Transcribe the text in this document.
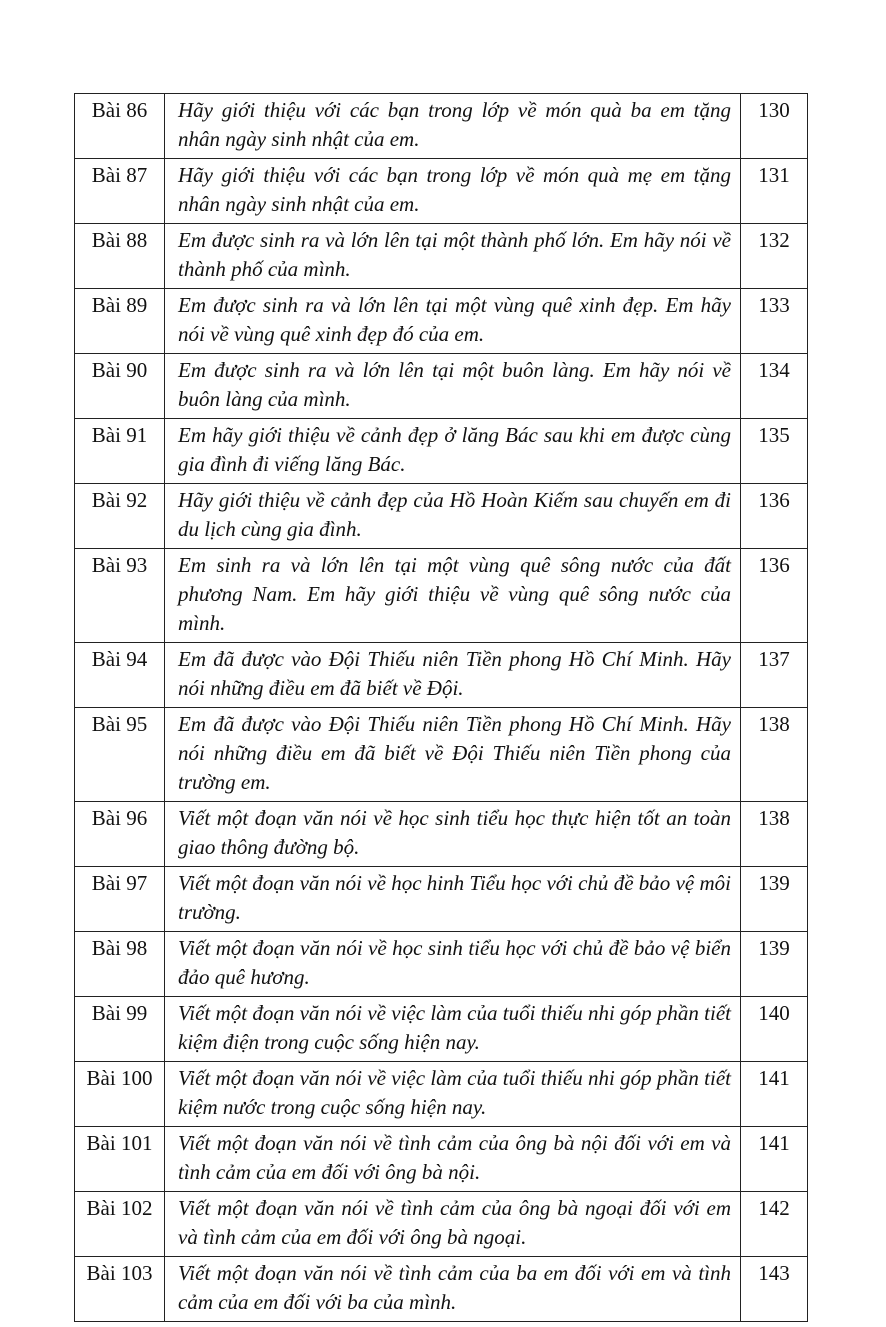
Bài 86	Hãy giới thiệu với các bạn trong lớp về món quà ba em tặng nhân ngày sinh nhật của em.	130
Bài 87	Hãy giới thiệu với các bạn trong lớp về món quà mẹ em tặng nhân ngày sinh nhật của em.	131
Bài 88	Em được sinh ra và lớn lên tại một thành phố lớn. Em hãy nói về thành phố của mình.	132
Bài 89	Em được sinh ra và lớn lên tại một vùng quê xinh đẹp. Em hãy nói về vùng quê xinh đẹp đó của em.	133
Bài 90	Em được sinh ra và lớn lên tại một buôn làng. Em hãy nói về buôn làng của mình.	134
Bài 91	Em hãy giới thiệu về cảnh đẹp ở lăng Bác sau khi em được cùng gia đình đi viếng lăng Bác.	135
Bài 92	Hãy giới thiệu về cảnh đẹp của Hồ Hoàn Kiếm sau chuyến em đi du lịch cùng gia đình.	136
Bài 93	Em sinh ra và lớn lên tại một vùng quê sông nước của đất phương Nam. Em hãy giới thiệu về vùng quê sông nước của mình.	136
Bài 94	Em đã được vào Đội Thiếu niên Tiền phong Hồ Chí Minh. Hãy nói những điều em đã biết về Đội.	137
Bài 95	Em đã được vào Đội Thiếu niên Tiền phong Hồ Chí Minh. Hãy nói những điều em đã biết về Đội Thiếu niên Tiền phong của trường em.	138
Bài 96	Viết một đoạn văn nói về học sinh tiểu học thực hiện tốt an toàn giao thông đường bộ.	138
Bài 97	Viết một đoạn văn nói về học hinh Tiểu học với chủ đề bảo vệ môi trường.	139
Bài 98	Viết một đoạn văn nói về học sinh tiểu học với chủ đề bảo vệ biển đảo quê hương.	139
Bài 99	Viết một đoạn văn nói về việc làm của tuổi thiếu nhi góp phần tiết kiệm điện trong cuộc sống hiện nay.	140
Bài 100	Viết một đoạn văn nói về việc làm của tuổi thiếu nhi góp phần tiết kiệm nước trong cuộc sống hiện nay.	141
Bài 101	Viết một đoạn văn nói về tình cảm của ông bà nội đối với em và tình cảm của em đối với ông bà nội.	141
Bài 102	Viết một đoạn văn nói về tình cảm của ông bà ngoại đối với em và tình cảm của em đối với ông bà ngoại.	142
Bài 103	Viết một đoạn văn nói về tình cảm của ba em đối với em và tình cảm của em đối với ba của mình.	143
